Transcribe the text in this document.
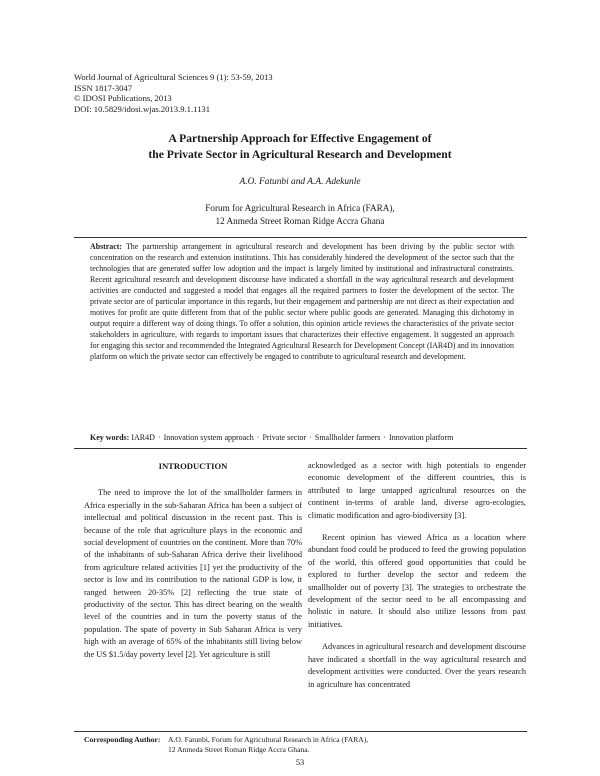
World Journal of Agricultural Sciences 9 (1): 53-59, 2013
ISSN 1817-3047
© IDOSI Publications, 2013
DOI: 10.5829/idosi.wjas.2013.9.1.1131
A Partnership Approach for Effective Engagement of
the Private Sector in Agricultural Research and Development
A.O. Fatunbi and A.A. Adekunle
Forum for Agricultural Research in Africa (FARA),
12 Anmeda Street Roman Ridge Accra Ghana
Abstract: The partnership arrangement in agricultural research and development has been driving by the public sector with concentration on the research and extension institutions. This has considerably hindered the development of the sector such that the technologies that are generated suffer low adoption and the impact is largely limited by institutional and infrastructural constraints. Recent agricultural research and development discourse have indicated a shortfall in the way agricultural research and development activities are conducted and suggested a model that engages all the required partners to foster the development of the sector. The private sector are of particular importance in this regards, but their engagement and partnership are not direct as their expectation and motives for profit are quite different from that of the public sector where public goods are generated. Managing this dichotomy in output require a different way of doing things. To offer a solution, this opinion article reviews the characteristics of the private sector stakeholders in agriculture, with regards to important issues that characterizes their effective engagement. It suggested an approach for engaging this sector and recommended the Integrated Agricultural Research for Development Concept (IAR4D) and its innovation platform on which the private sector can effectively be engaged to contribute to agricultural research and development.
Key words: IAR4D · Innovation system approach · Private sector · Smallholder farmers · Innovation platform
INTRODUCTION

The need to improve the lot of the smallholder farmers in Africa especially in the sub-Saharan Africa has been a subject of intellectual and political discussion in the recent past. This is because of the role that agriculture plays in the economic and social development of countries on the continent. More than 70% of the inhabitants of sub-Saharan Africa derive their livelihood from agriculture related activities [1] yet the productivity of the sector is low and its contribution to the national GDP is low, it ranged between 20-35% [2] reflecting the true state of productivity of the sector. This has direct bearing on the wealth level of the countries and in turn the poverty status of the population. The spate of poverty in Sub Saharan Africa is very high with an average of 65% of the inhabitants still living below the US $1.5/day poverty level [2]. Yet agriculture is still

acknowledged as a sector with high potentials to engender economic development of the different countries, this is attributed to large untapped agricultural resources on the continent in-terms of arable land, diverse agro-ecologies, climatic modification and agro-biodiversity [3].

Recent opinion has viewed Africa as a location where abundant food could be produced to feed the growing population of the world, this offered good opportunities that could be explored to further develop the sector and redeem the smallholder out of poverty [3]. The strategies to orchestrate the development of the sector need to be all encompassing and holistic in nature. It should also utilize lessons from past initiatives.

Advances in agricultural research and development discourse have indicated a shortfall in the way agricultural research and development activities were conducted. Over the years research in agriculture has concentrated

Corresponding Author: A.O. Fatunbi, Forum for Agricultural Research in Africa (FARA),
12 Anmeda Street Roman Ridge Accra Ghana.
53
